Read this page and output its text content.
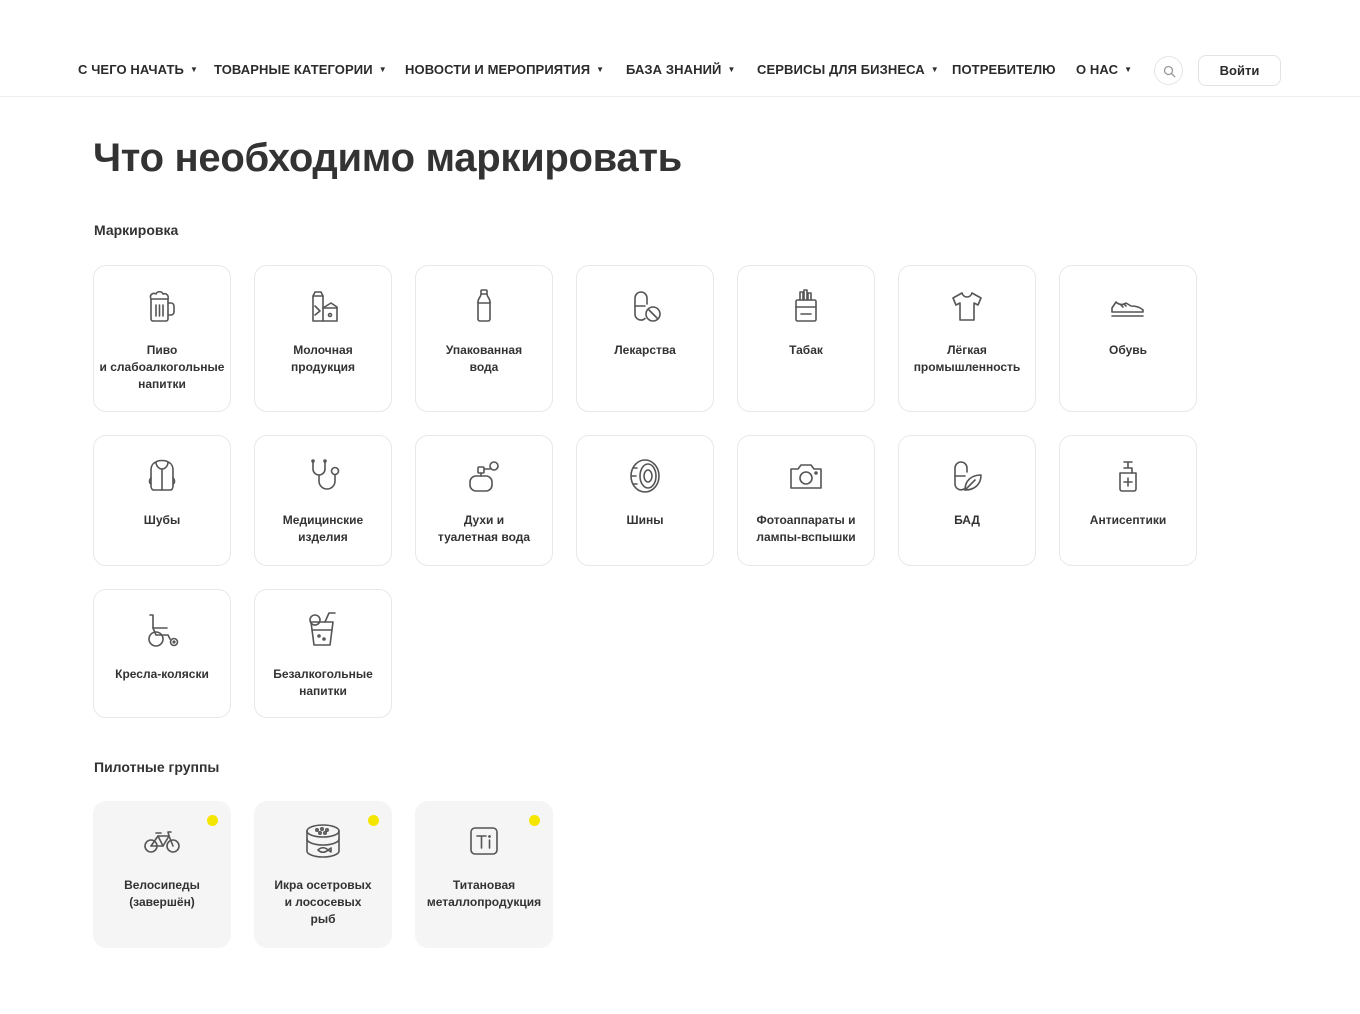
С ЧЕГО НАЧАТЬ ▼ ТОВАРНЫЕ КАТЕГОРИИ ▼ НОВОСТИ И МЕРОПРИЯТИЯ ▼ БАЗА ЗНАНИЙ ▼ СЕРВИСЫ ДЛЯ БИЗНЕСА ▼ ПОТРЕБИТЕЛЮ О НАС ▼	Войти
Что необходимо маркировать
Маркировка
Пиво
и слабоалкогольные
напитки
Молочная
продукция
Упакованная
вода
Лекарства	Табак	Лёгкая
промышленность
Обувь
Шубы	Медицинские
изделия
Духи и
туалетная вода
Шины	Фотоаппараты и
лампы-вспышки
БАД	Антисептики
Кресла-коляски	Безалкогольные
напитки
Пилотные группы
Велосипеды
(завершён)
Икра осетровых
и лососевых
рыб
Титановая
металлопродукция
